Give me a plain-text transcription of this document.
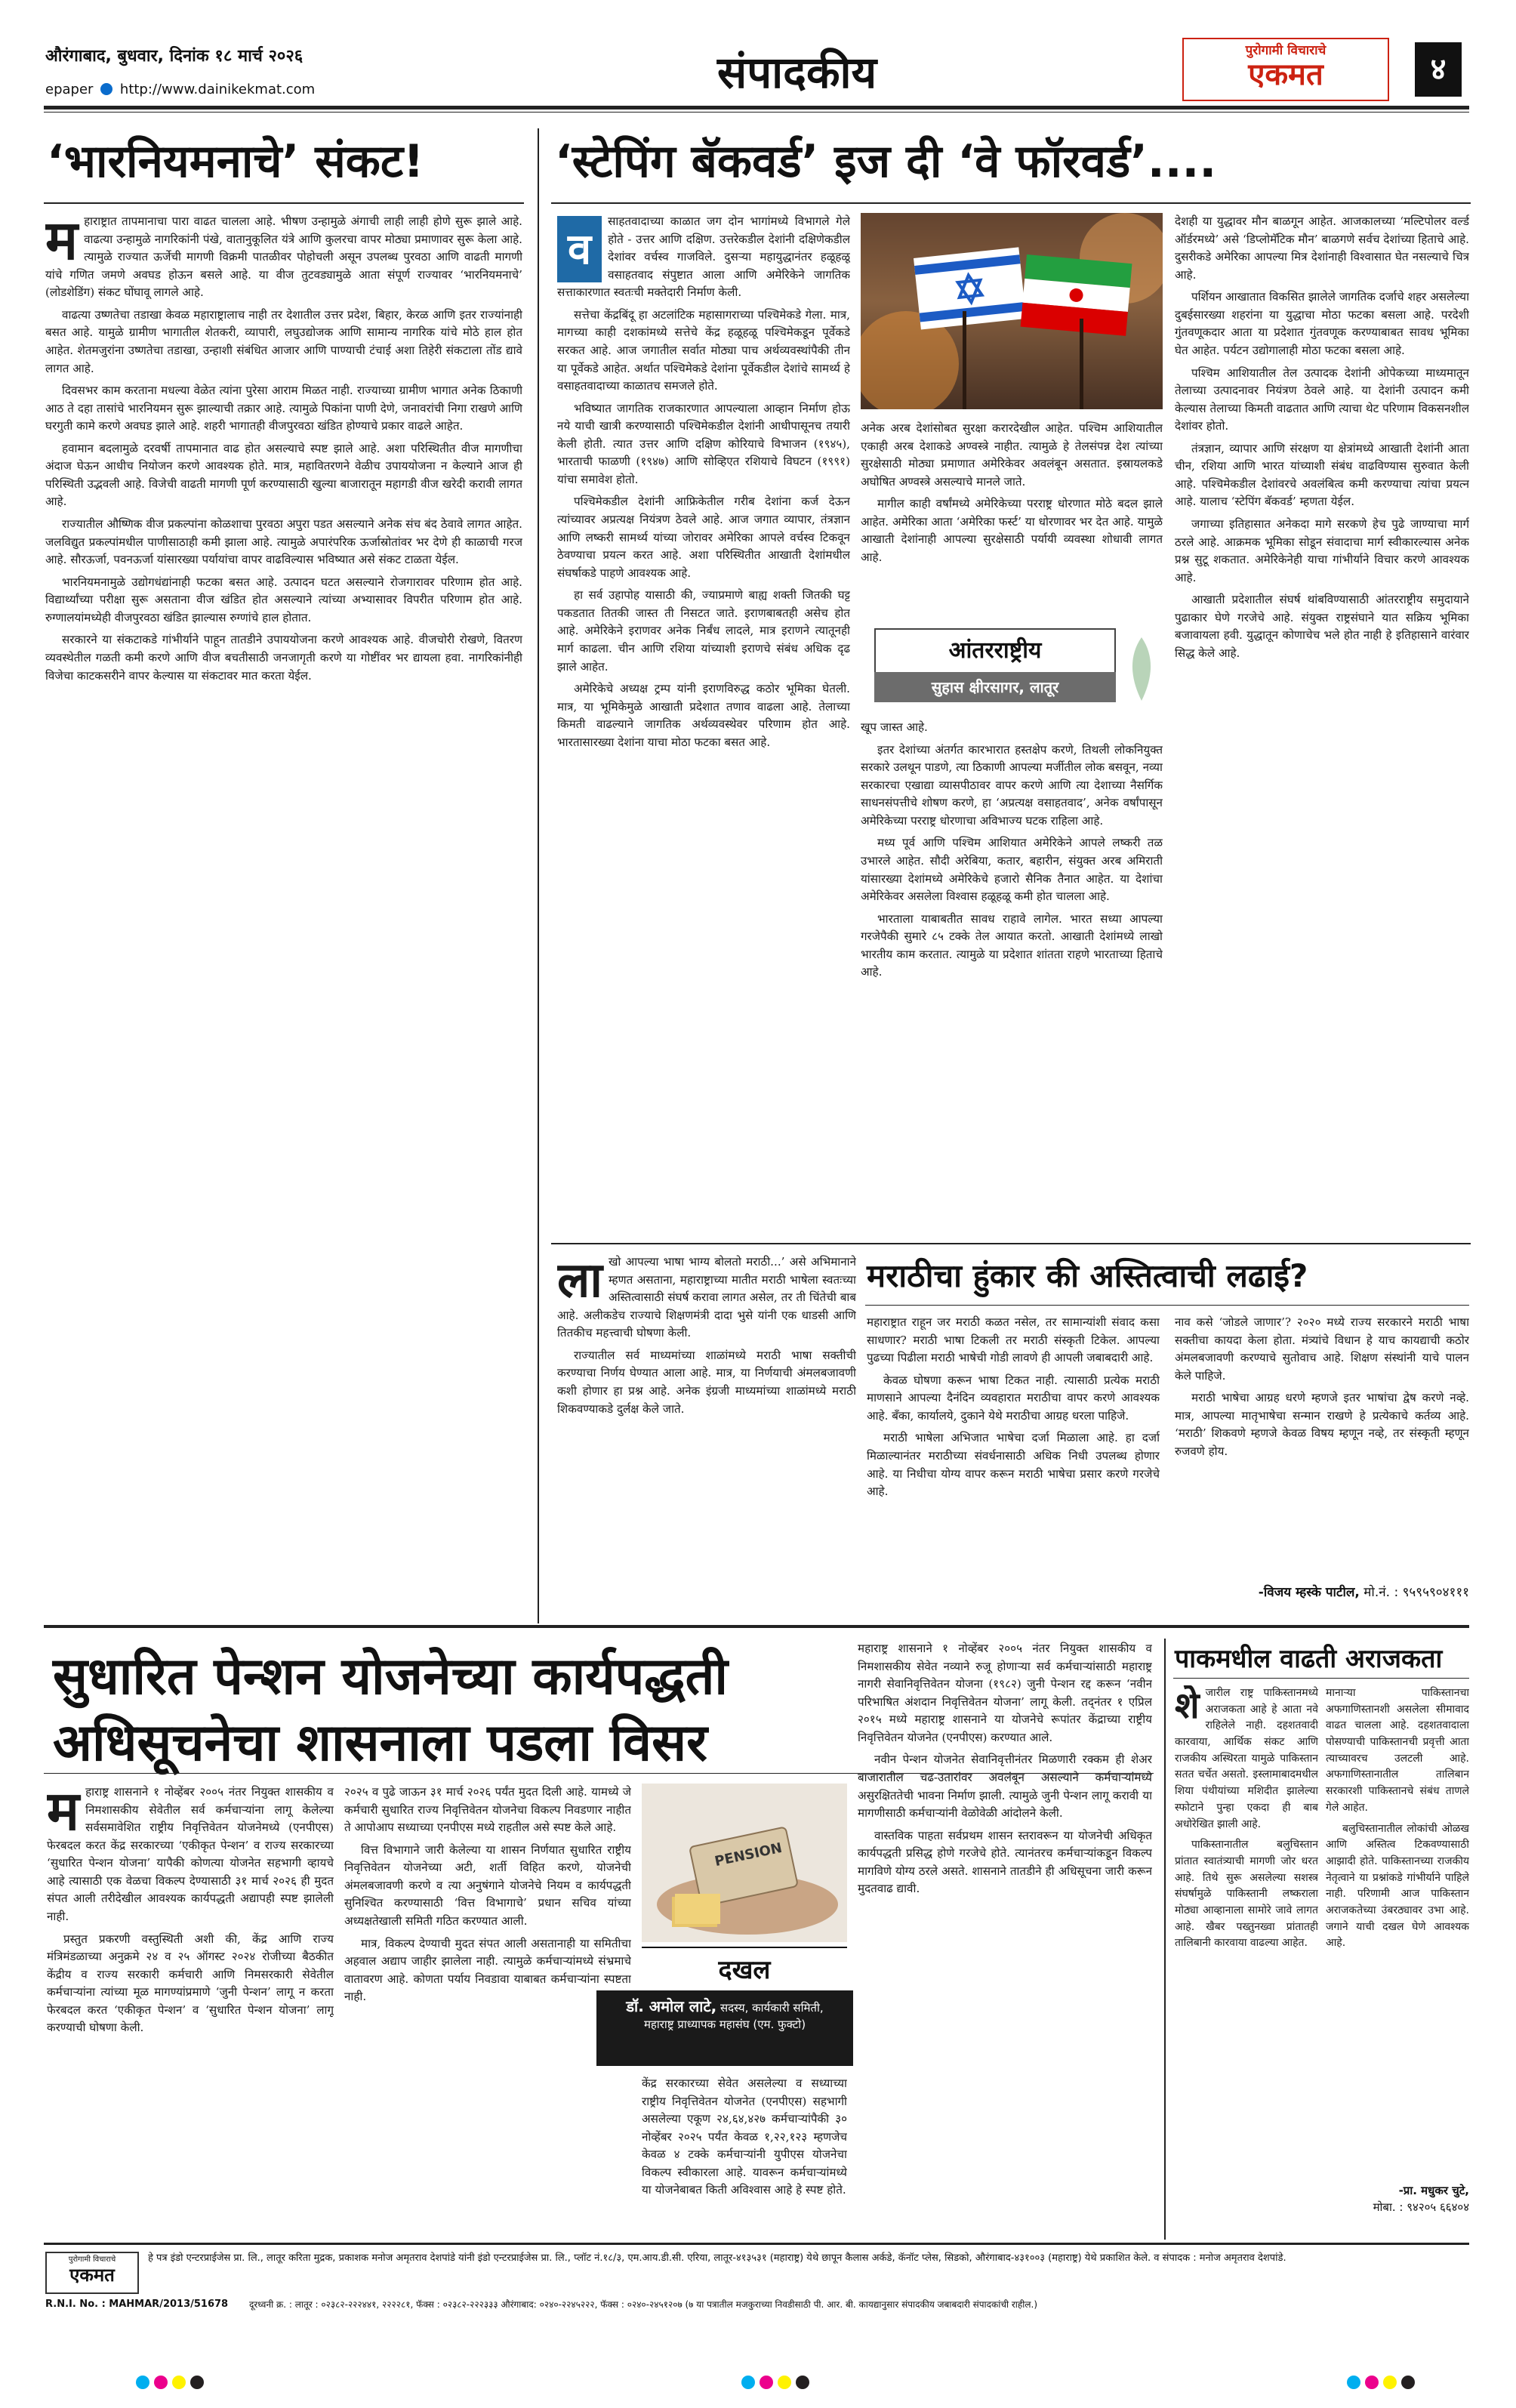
औरंगाबाद, बुधवार, दिनांक १८ मार्च २०२६
epaper http://www.dainikekmat.com	संपादकीय	पुरोगामी विचाराचे
एकमत	४
‘भारनियमनाचे’ संकट!
म हाराष्ट्रात तापमानाचा पारा वाढत चालला आहे. भीषण उन्हामुळे अंगाची लाही लाही होणे सुरू झाले आहे. वाढत्या उन्हामुळे नागरिकांनी पंखे, वातानुकूलित यंत्रे आणि कुलरचा वापर मोठ्या प्रमाणावर सुरू केला आहे. त्यामुळे राज्यात ऊर्जेची मागणी विक्रमी पातळीवर पोहोचली असून उपलब्ध पुरवठा आणि वाढती मागणी यांचे गणित जमणे अवघड होऊन बसले आहे. या वीज तुटवड्यामुळे आता संपूर्ण राज्यावर ‘भारनियमनाचे’ (लोडशेडिंग) संकट घोंघावू लागले आहे.

वाढत्या उष्णतेचा तडाखा केवळ महाराष्ट्रालाच नाही तर देशातील उत्तर प्रदेश, बिहार, केरळ आणि इतर राज्यांनाही बसत आहे. यामुळे ग्रामीण भागातील शेतकरी, व्यापारी, लघुउद्योजक आणि सामान्य नागरिक यांचे मोठे हाल होत आहेत. शेतमजुरांना उष्णतेचा तडाखा, उन्हाशी संबंधित आजार आणि पाण्याची टंचाई अशा तिहेरी संकटाला तोंड द्यावे लागत आहे.

दिवसभर काम करताना मधल्या वेळेत त्यांना पुरेसा आराम मिळत नाही. राज्याच्या ग्रामीण भागात अनेक ठिकाणी आठ ते दहा तासांचे भारनियमन सुरू झाल्याची तक्रार आहे. त्यामुळे पिकांना पाणी देणे, जनावरांची निगा राखणे आणि घरगुती कामे करणे अवघड झाले आहे. शहरी भागातही वीजपुरवठा खंडित होण्याचे प्रकार वाढले आहेत.

हवामान बदलामुळे दरवर्षी तापमानात वाढ होत असल्याचे स्पष्ट झाले आहे. अशा परिस्थितीत वीज मागणीचा अंदाज घेऊन आधीच नियोजन करणे आवश्यक होते. मात्र, महावितरणने वेळीच उपाययोजना न केल्याने आज ही परिस्थिती उद्भवली आहे. विजेची वाढती मागणी पूर्ण करण्यासाठी खुल्या बाजारातून महागडी वीज खरेदी करावी लागत आहे.

राज्यातील औष्णिक वीज प्रकल्पांना कोळशाचा पुरवठा अपुरा पडत असल्याने अनेक संच बंद ठेवावे लागत आहेत. जलविद्युत प्रकल्पांमधील पाणीसाठाही कमी झाला आहे. त्यामुळे अपारंपरिक ऊर्जास्रोतांवर भर देणे ही काळाची गरज आहे. सौरऊर्जा, पवनऊर्जा यांसारख्या पर्यायांचा वापर वाढविल्यास भविष्यात असे संकट टाळता येईल.

भारनियमनामुळे उद्योगधंद्यांनाही फटका बसत आहे. उत्पादन घटत असल्याने रोजगारावर परिणाम होत आहे. विद्यार्थ्यांच्या परीक्षा सुरू असताना वीज खंडित होत असल्याने त्यांच्या अभ्यासावर विपरीत परिणाम होत आहे. रुग्णालयांमध्येही वीजपुरवठा खंडित झाल्यास रुग्णांचे हाल होतात.

सरकारने या संकटाकडे गांभीर्याने पाहून तातडीने उपाययोजना करणे आवश्यक आहे. वीजचोरी रोखणे, वितरण व्यवस्थेतील गळती कमी करणे आणि वीज बचतीसाठी जनजागृती करणे या गोष्टींवर भर द्यायला हवा. नागरिकांनीही विजेचा काटकसरीने वापर केल्यास या संकटावर मात करता येईल.

‘स्टेपिंग बॅकवर्ड’ इज दी ‘वे फॉरवर्ड’....
व

साहतवादाच्या काळात जग दोन भागांमध्ये विभागले गेले होते - उत्तर आणि दक्षिण. उत्तरेकडील देशांनी दक्षिणेकडील देशांवर वर्चस्व गाजविले. दुसऱ्या महायुद्धानंतर हळूहळू वसाहतवाद संपुष्टात आला आणि अमेरिकेने जागतिक सत्ताकारणात स्वतःची मक्तेदारी निर्माण केली.

सत्तेचा केंद्रबिंदू हा अटलांटिक महासागराच्या पश्चिमेकडे गेला. मात्र, मागच्या काही दशकांमध्ये सत्तेचे केंद्र हळूहळू पश्चिमेकडून पूर्वेकडे सरकत आहे. आज जगातील सर्वात मोठ्या पाच अर्थव्यवस्थांपैकी तीन या पूर्वेकडे आहेत. अर्थात पश्चिमेकडे देशांना पूर्वेकडील देशांचे सामर्थ्य हे वसाहतवादाच्या काळातच समजले होते.

भविष्यात जागतिक राजकारणात आपल्याला आव्हान निर्माण होऊ नये याची खात्री करण्यासाठी पश्चिमेकडील देशांनी आधीपासूनच तयारी केली होती. त्यात उत्तर आणि दक्षिण कोरियाचे विभाजन (१९४५), भारताची फाळणी (१९४७) आणि सोव्हिएत रशियाचे विघटन (१९९१) यांचा समावेश होतो.

पश्चिमेकडील देशांनी आफ्रिकेतील गरीब देशांना कर्ज देऊन त्यांच्यावर अप्रत्यक्ष नियंत्रण ठेवले आहे. आज जगात व्यापार, तंत्रज्ञान आणि लष्करी सामर्थ्य यांच्या जोरावर अमेरिका आपले वर्चस्व टिकवून ठेवण्याचा प्रयत्न करत आहे. अशा परिस्थितीत आखाती देशांमधील संघर्षाकडे पाहणे आवश्यक आहे.

हा सर्व उहापोह यासाठी की, ज्याप्रमाणे बाह्य शक्ती जितकी घट्ट पकडतात तितकी जास्त ती निसटत जाते. इराणबाबतही असेच होत आहे. अमेरिकेने इराणवर अनेक निर्बंध लादले, मात्र इराणने त्यातूनही मार्ग काढला. चीन आणि रशिया यांच्याशी इराणचे संबंध अधिक दृढ झाले आहेत.

अमेरिकेचे अध्यक्ष ट्रम्प यांनी इराणविरुद्ध कठोर भूमिका घेतली. मात्र, या भूमिकेमुळे आखाती प्रदेशात तणाव वाढला आहे. तेलाच्या किमती वाढल्याने जागतिक अर्थव्यवस्थेवर परिणाम होत आहे. भारतासारख्या देशांना याचा मोठा फटका बसत आहे.

अनेक अरब देशांसोबत सुरक्षा करारदेखील आहेत. पश्चिम आशियातील एकाही अरब देशाकडे अण्वस्त्रे नाहीत. त्यामुळे हे तेलसंपन्न देश त्यांच्या सुरक्षेसाठी मोठ्या प्रमाणात अमेरिकेवर अवलंबून असतात. इस्रायलकडे अघोषित अण्वस्त्रे असल्याचे मानले जाते.

मागील काही वर्षांमध्ये अमेरिकेच्या परराष्ट्र धोरणात मोठे बदल झाले आहेत. अमेरिका आता ‘अमेरिका फर्स्ट’ या धोरणावर भर देत आहे. यामुळे आखाती देशांनाही आपल्या सुरक्षेसाठी पर्यायी व्यवस्था शोधावी लागत आहे.

आंतरराष्ट्रीय
सुहास क्षीरसागर, लातूर

खूप जास्त आहे.

इतर देशांच्या अंतर्गत कारभारात हस्तक्षेप करणे, तिथली लोकनियुक्त सरकारे उलथून पाडणे, त्या ठिकाणी आपल्या मर्जीतील लोक बसवून, नव्या सरकारचा एखाद्या व्यासपीठावर वापर करणे आणि त्या देशाच्या नैसर्गिक साधनसंपत्तीचे शोषण करणे, हा ‘अप्रत्यक्ष वसाहतवाद’, अनेक वर्षांपासून अमेरिकेच्या परराष्ट्र धोरणाचा अविभाज्य घटक राहिला आहे.

मध्य पूर्व आणि पश्चिम आशियात अमेरिकेने आपले लष्करी तळ उभारले आहेत. सौदी अरेबिया, कतार, बहारीन, संयुक्त अरब अमिराती यांसारख्या देशांमध्ये अमेरिकेचे हजारो सैनिक तैनात आहेत. या देशांचा अमेरिकेवर असलेला विश्वास हळूहळू कमी होत चालला आहे.

भारताला याबाबतीत सावध राहावे लागेल. भारत सध्या आपल्या गरजेपैकी सुमारे ८५ टक्के तेल आयात करतो. आखाती देशांमध्ये लाखो भारतीय काम करतात. त्यामुळे या प्रदेशात शांतता राहणे भारताच्या हिताचे आहे.

देशही या युद्धावर मौन बाळगून आहेत. आजकालच्या ‘मल्टिपोलर वर्ल्ड ऑर्डरमध्ये’ असे ‘डिप्लोमॅटिक मौन’ बाळगणे सर्वच देशांच्या हिताचे आहे. दुसरीकडे अमेरिका आपल्या मित्र देशांनाही विश्वासात घेत नसल्याचे चित्र आहे.

पर्शियन आखातात विकसित झालेले जागतिक दर्जाचे शहर असलेल्या दुबईसारख्या शहरांना या युद्धाचा मोठा फटका बसला आहे. परदेशी गुंतवणूकदार आता या प्रदेशात गुंतवणूक करण्याबाबत सावध भूमिका घेत आहेत. पर्यटन उद्योगालाही मोठा फटका बसला आहे.

पश्चिम आशियातील तेल उत्पादक देशांनी ओपेकच्या माध्यमातून तेलाच्या उत्पादनावर नियंत्रण ठेवले आहे. या देशांनी उत्पादन कमी केल्यास तेलाच्या किमती वाढतात आणि त्याचा थेट परिणाम विकसनशील देशांवर होतो.

तंत्रज्ञान, व्यापार आणि संरक्षण या क्षेत्रांमध्ये आखाती देशांनी आता चीन, रशिया आणि भारत यांच्याशी संबंध वाढविण्यास सुरुवात केली आहे. पश्चिमेकडील देशांवरचे अवलंबित्व कमी करण्याचा त्यांचा प्रयत्न आहे. यालाच ‘स्टेपिंग बॅकवर्ड’ म्हणता येईल.

जगाच्या इतिहासात अनेकदा मागे सरकणे हेच पुढे जाण्याचा मार्ग ठरले आहे. आक्रमक भूमिका सोडून संवादाचा मार्ग स्वीकारल्यास अनेक प्रश्न सुटू शकतात. अमेरिकेनेही याचा गांभीर्याने विचार करणे आवश्यक आहे.

आखाती प्रदेशातील संघर्ष थांबविण्यासाठी आंतरराष्ट्रीय समुदायाने पुढाकार घेणे गरजेचे आहे. संयुक्त राष्ट्रसंघाने यात सक्रिय भूमिका बजावायला हवी. युद्धातून कोणाचेच भले होत नाही हे इतिहासाने वारंवार सिद्ध केले आहे.

ला खो आपल्या भाषा भाग्य बोलतो मराठी...’ असे अभिमानाने म्हणत असताना, महाराष्ट्राच्या मातीत मराठी भाषेला स्वतःच्या अस्तित्वासाठी संघर्ष करावा लागत असेल, तर ती चिंतेची बाब आहे. अलीकडेच राज्याचे शिक्षणमंत्री दादा भुसे यांनी एक धाडसी आणि तितकीच महत्त्वाची घोषणा केली.

राज्यातील सर्व माध्यमांच्या शाळांमध्ये मराठी भाषा सक्तीची करण्याचा निर्णय घेण्यात आला आहे. मात्र, या निर्णयाची अंमलबजावणी कशी होणार हा प्रश्न आहे. अनेक इंग्रजी माध्यमांच्या शाळांमध्ये मराठी शिकवण्याकडे दुर्लक्ष केले जाते.

मराठीचा हुंकार की अस्तित्वाची लढाई?

महाराष्ट्रात राहून जर मराठी कळत नसेल, तर सामान्यांशी संवाद कसा साधणार? मराठी भाषा टिकली तर मराठी संस्कृती टिकेल. आपल्या पुढच्या पिढीला मराठी भाषेची गोडी लावणे ही आपली जबाबदारी आहे.

केवळ घोषणा करून भाषा टिकत नाही. त्यासाठी प्रत्येक मराठी माणसाने आपल्या दैनंदिन व्यवहारात मराठीचा वापर करणे आवश्यक आहे. बँका, कार्यालये, दुकाने येथे मराठीचा आग्रह धरला पाहिजे.

मराठी भाषेला अभिजात भाषेचा दर्जा मिळाला आहे. हा दर्जा मिळाल्यानंतर मराठीच्या संवर्धनासाठी अधिक निधी उपलब्ध होणार आहे. या निधीचा योग्य वापर करून मराठी भाषेचा प्रसार करणे गरजेचे आहे.

नाव कसे ‘जोडले जाणार’? २०२० मध्ये राज्य सरकारने मराठी भाषा सक्तीचा कायदा केला होता. मंत्र्यांचे विधान हे याच कायद्याची कठोर अंमलबजावणी करण्याचे सुतोवाच आहे. शिक्षण संस्थांनी याचे पालन केले पाहिजे.

मराठी भाषेचा आग्रह धरणे म्हणजे इतर भाषांचा द्वेष करणे नव्हे. मात्र, आपल्या मातृभाषेचा सन्मान राखणे हे प्रत्येकाचे कर्तव्य आहे. ‘मराठी’ शिकवणे म्हणजे केवळ विषय म्हणून नव्हे, तर संस्कृती म्हणून रुजवणे होय.

-विजय म्हस्के पाटील, मो.नं. : ९५९५९०४१११
सुधारित पेन्शन योजनेच्या कार्यपद्धती
अधिसूचनेचा शासनाला पडला विसर
म हाराष्ट्र शासनाने १ नोव्हेंबर २००५ नंतर नियुक्त शासकीय व निमशासकीय सेवेतील सर्व कर्मचाऱ्यांना लागू केलेल्या सर्वसमावेशित राष्ट्रीय निवृत्तिवेतन योजनेमध्ये (एनपीएस) फेरबदल करत केंद्र सरकारच्या ‘एकीकृत पेन्शन’ व राज्य सरकारच्या ‘सुधारित पेन्शन योजना’ यापैकी कोणत्या योजनेत सहभागी व्हायचे आहे त्यासाठी एक वेळचा विकल्प देण्यासाठी ३१ मार्च २०२६ ही मुदत संपत आली तरीदेखील आवश्यक कार्यपद्धती अद्यापही स्पष्ट झालेली नाही.

प्रस्तुत प्रकरणी वस्तुस्थिती अशी की, केंद्र आणि राज्य मंत्रिमंडळाच्या अनुक्रमे २४ व २५ ऑगस्ट २०२४ रोजीच्या बैठकीत केंद्रीय व राज्य सरकारी कर्मचारी आणि निमसरकारी सेवेतील कर्मचाऱ्यांना त्यांच्या मूळ मागण्यांप्रमाणे ‘जुनी पेन्शन’ लागू न करता फेरबदल करत ‘एकीकृत पेन्शन’ व ‘सुधारित पेन्शन योजना’ लागू करण्याची घोषणा केली.

२०२५ व पुढे जाऊन ३१ मार्च २०२६ पर्यंत मुदत दिली आहे. यामध्ये जे कर्मचारी सुधारित राज्य निवृत्तिवेतन योजनेचा विकल्प निवडणार नाहीत ते आपोआप सध्याच्या एनपीएस मध्ये राहतील असे स्पष्ट केले आहे.

वित्त विभागाने जारी केलेल्या या शासन निर्णयात सुधारित राष्ट्रीय निवृत्तिवेतन योजनेच्या अटी, शर्ती विहित करणे, योजनेची अंमलबजावणी करणे व त्या अनुषंगाने योजनेचे नियम व कार्यपद्धती सुनिश्चित करण्यासाठी ‘वित्त विभागाचे’ प्रधान सचिव यांच्या अध्यक्षतेखाली समिती गठित करण्यात आली.

मात्र, विकल्प देण्याची मुदत संपत आली असतानाही या समितीचा अहवाल अद्याप जाहीर झालेला नाही. त्यामुळे कर्मचाऱ्यांमध्ये संभ्रमाचे वातावरण आहे. कोणता पर्याय निवडावा याबाबत कर्मचाऱ्यांना स्पष्टता नाही.

PENSION
दखल
डॉ. अमोल लाटे, सदस्य, कार्यकारी समिती,
महाराष्ट्र प्राध्यापक महासंघ (एम. फुक्टो)

केंद्र सरकारच्या सेवेत असलेल्या व सध्याच्या राष्ट्रीय निवृत्तिवेतन योजनेत (एनपीएस) सहभागी असलेल्या एकूण २४,६४,४२७ कर्मचाऱ्यांपैकी ३० नोव्हेंबर २०२५ पर्यंत केवळ १,२२,१२३ म्हणजेच केवळ ४ टक्के कर्मचाऱ्यांनी युपीएस योजनेचा विकल्प स्वीकारला आहे. यावरून कर्मचाऱ्यांमध्ये या योजनेबाबत किती अविश्वास आहे हे स्पष्ट होते.

महाराष्ट्र शासनाने १ नोव्हेंबर २००५ नंतर नियुक्त शासकीय व निमशासकीय सेवेत नव्याने रुजू होणाऱ्या सर्व कर्मचाऱ्यांसाठी महाराष्ट्र नागरी सेवानिवृत्तिवेतन योजना (१९८२) जुनी पेन्शन रद्द करून ‘नवीन परिभाषित अंशदान निवृत्तिवेतन योजना’ लागू केली. तद्नंतर १ एप्रिल २०१५ मध्ये महाराष्ट्र शासनाने या योजनेचे रूपांतर केंद्राच्या राष्ट्रीय निवृत्तिवेतन योजनेत (एनपीएस) करण्यात आले.

नवीन पेन्शन योजनेत सेवानिवृत्तीनंतर मिळणारी रक्कम ही शेअर बाजारातील चढ-उतारांवर अवलंबून असल्याने कर्मचाऱ्यांमध्ये असुरक्षिततेची भावना निर्माण झाली. त्यामुळे जुनी पेन्शन लागू करावी या मागणीसाठी कर्मचाऱ्यांनी वेळोवेळी आंदोलने केली.

वास्तविक पाहता सर्वप्रथम शासन स्तरावरून या योजनेची अधिकृत कार्यपद्धती प्रसिद्ध होणे गरजेचे होते. त्यानंतरच कर्मचाऱ्यांकडून विकल्प मागविणे योग्य ठरले असते. शासनाने तातडीने ही अधिसूचना जारी करून मुदतवाढ द्यावी.

पाकमधील वाढती अराजकता
शे जारील राष्ट्र पाकिस्तानमध्ये अराजकता आहे हे आता नवे राहिलेले नाही. दहशतवादी कारवाया, आर्थिक संकट आणि राजकीय अस्थिरता यामुळे पाकिस्तान सतत चर्चेत असतो. इस्लामाबादमधील शिया पंथीयांच्या मशिदीत झालेल्या स्फोटाने पुन्हा एकदा ही बाब अधोरेखित झाली आहे.

पाकिस्तानातील बलुचिस्तान प्रांतात स्वातंत्र्याची मागणी जोर धरत आहे. तिथे सुरू असलेल्या सशस्त्र संघर्षामुळे पाकिस्तानी लष्कराला मोठ्या आव्हानाला सामोरे जावे लागत आहे. खैबर पख्तुनख्वा प्रांतातही तालिबानी कारवाया वाढल्या आहेत.

मानाऱ्या पाकिस्तानचा अफगाणिस्तानशी असलेला सीमावाद वाढत चालला आहे. दहशतवादाला पोसण्याची पाकिस्तानची प्रवृत्ती आता त्याच्यावरच उलटली आहे. अफगाणिस्तानातील तालिबान सरकारशी पाकिस्तानचे संबंध ताणले गेले आहेत.

बलुचिस्तानातील लोकांची ओळख आणि अस्तित्व टिकवण्यासाठी आझादी होते. पाकिस्तानच्या राजकीय नेतृत्वाने या प्रश्नांकडे गांभीर्याने पाहिले नाही. परिणामी आज पाकिस्तान अराजकतेच्या उंबरठ्यावर उभा आहे. जगाने याची दखल घेणे आवश्यक आहे.

-प्रा. मधुकर चुटे,
मोबा. : ९४२०५ ६६४०४
पुरोगामी विचाराचे
एकमत
हे पत्र इंडो एन्टरप्राईजेस प्रा. लि., लातूर करिता मुद्रक, प्रकाशक मनोज अमृतराव देशपांडे यांनी इंडो एन्टरप्राईजेस प्रा. लि., प्लॉट नं.१८/३, एम.आय.डी.सी. एरिया, लातूर-४१३५३१ (महाराष्ट्र) येथे छापून कैलास अर्कडे, कॅनॉट प्लेस, सिडको, औरंगाबाद-४३१००३ (महाराष्ट्र) येथे प्रकाशित केले. व संपादक : मनोज अमृतराव देशपांडे.
R.N.I. No. : MAHMAR/2013/51678 दूरध्वनी क्र. : लातूर : ०२३८२-२२२४४१, २२२२८१, फॅक्स : ०२३८२-२२२३३३ औरंगाबाद: ०२४०-२२४५२२२, फॅक्स : ०२४०-२४५१२०७ (७ या पत्रातील मजकुराच्या निवडीसाठी पी. आर. बी. कायद्यानुसार संपादकीय जबाबदारी संपादकांची राहील.)
